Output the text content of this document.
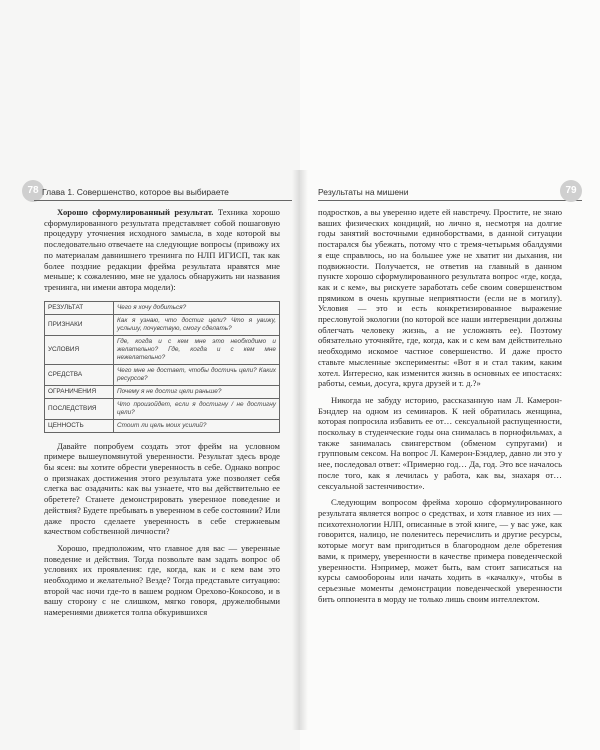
78 Глава 1. Совершенство, которое вы выбираете	Результаты на мишени	79

Хорошо сформулированный результат. Техника хорошо сформулированного результата представляет собой пошаговую процедуру уточнения исходного замысла, в ходе которой вы последовательно отвечаете на следующие вопросы (привожу их по материалам давнишнего тренинга по НЛП ИГИСП, так как более поздние редакции фрейма результата нравятся мне меньше; к сожалению, мне не удалось обнаружить ни названия тренинга, ни имени автора модели):

РЕЗУЛЬТАТ	Чего я хочу добиться?
ПРИЗНАКИ	Как я узнаю, что достиг цели? Что я увижу, услышу, почувствую, смогу сделать?
УСЛОВИЯ	Где, когда и с кем мне это необходимо и желательно? Где, когда и с кем мне нежелательно?
СРЕДСТВА	Чего мне не достает, чтобы достичь цели? Каких ресурсов?
ОГРАНИЧЕНИЯ	Почему я не достиг цели раньше?
ПОСЛЕДСТВИЯ	Что произойдет, если я достигну / не достигну цели?
ЦЕННОСТЬ	Стоит ли цель моих усилий?

Давайте попробуем создать этот фрейм на условном примере вышеупомянутой уверенности. Результат здесь вроде бы ясен: вы хотите обрести уверенность в себе. Однако вопрос о признаках достижения этого результата уже позволяет себя слегка вас озадачить: как вы узнаете, что вы действительно ее обретете? Станете демонстрировать уверенное поведение и действия? Будете пребывать в уверенном в себе состоянии? Или даже просто сделаете уверенность в себе стержневым качеством собственной личности?

Хорошо, предположим, что главное для вас — уверенные поведение и действия. Тогда позвольте вам задать вопрос об условиях их проявления: где, когда, как и с кем вам это необходимо и желательно? Везде? Тогда представьте ситуацию: второй час ночи где-то в вашем родном Орехово-Кокосово, и в вашу сторону с не слишком, мягко говоря, дружелюбными намерениями движется толпа обкурившихся

подростков, а вы уверенно идете ей навстречу. Простите, не знаю ваших физических кондиций, но лично я, несмотря на долгие годы занятий восточными единоборствами, в данной ситуации постарался бы убежать, потому что с тремя-четырьмя обалдуями я еще справлюсь, но на большее уже не хватит ни дыхания, ни подвижности. Получается, не ответив на главный в данном пункте хорошо сформулированного результата вопрос «где, когда, как и с кем», вы рискуете заработать себе своим совершенством прямиком в очень крупные неприятности (если не в могилу). Условия — это и есть конкретизированное выражение пресловутой экологии (по которой все наши интервенции должны облегчать человеку жизнь, а не усложнять ее). Поэтому обязательно уточняйте, где, когда, как и с кем вам действительно необходимо искомое частное совершенство. И даже просто ставьте мысленные эксперименты: «Вот я и стал таким, каким хотел. Интересно, как изменится жизнь в основных ее ипостасях: работы, семьи, досуга, круга друзей и т. д.?»

Никогда не забуду историю, рассказанную нам Л. Камерон-Бэндлер на одном из семинаров. К ней обратилась женщина, которая попросила избавить ее от… сексуальной распущенности, поскольку в студенческие годы она снималась в порнофильмах, а также занималась свингерством (обменом супругами) и групповым сексом. На вопрос Л. Камерон-Бэндлер, давно ли это у нее, последовал ответ: «Примерно год… Да, год. Это все началось после того, как я лечилась у работа, как вы, знахаря от… сексуальной застенчивости».

Следующим вопросом фрейма хорошо сформулированного результата является вопрос о средствах, и хотя главное из них — психотехнологии НЛП, описанные в этой книге, — у вас уже, как говорится, налицо, не поленитесь перечислить и другие ресурсы, которые могут вам пригодиться в благородном деле обретения вами, к примеру, уверенности в качестве примера поведенческой уверенности. Нэпример, может быть, вам стоит записаться на курсы самообороны или начать ходить в «качалку», чтобы в серьезные моменты демонстрации поведенческой уверенности бить оппонента в морду не только лишь своим интеллектом.
